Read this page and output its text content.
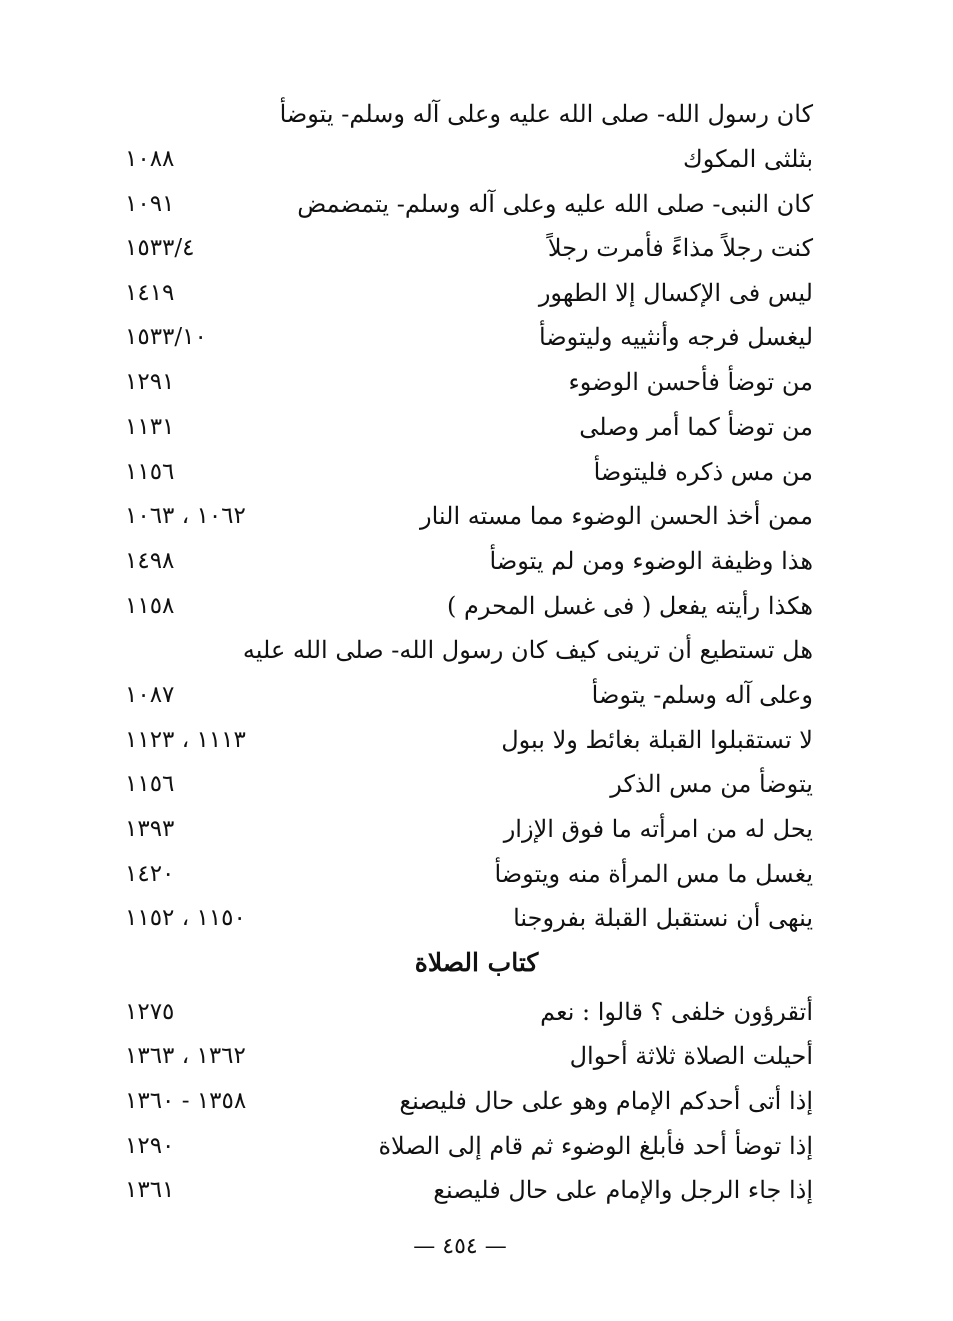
كان رسول الله- صلى الله عليه وعلى آله وسلم- يتوضأ
بثلثى المكوك
١٠٨٨
كان النبى- صلى الله عليه وعلى آله وسلم- يتمضمض
١٠٩١
كنت رجلاً مذاءً فأمرت رجلاً
١٥٣٣/٤
ليس فى الإكسال إلا الطهور
١٤١٩
ليغسل فرجه وأنثييه وليتوضأ
١٥٣٣/١٠
من توضأ فأحسن الوضوء
١٢٩١
من توضأ كما أمر وصلى
١١٣١
من مس ذكره فليتوضأ
١١٥٦
ممن أخذ الحسن الوضوء مما مسته النار
١٠٦٢ ، ١٠٦٣
هذا وظيفة الوضوء ومن لم يتوضأ
١٤٩٨
هكذا رأيته يفعل ( فى غسل المحرم )
١١٥٨
هل تستطيع أن ترينى كيف كان رسول الله- صلى الله عليه
وعلى آله وسلم- يتوضأ
١٠٨٧
لا تستقبلوا القبلة بغائط ولا ببول
١١١٣ ، ١١٢٣
يتوضأ من مس الذكر
١١٥٦
يحل له من امرأته ما فوق الإزار
١٣٩٣
يغسل ما مس المرأة منه ويتوضأ
١٤٢٠
ينهى أن نستقبل القبلة بفروجنا
١١٥٠ ، ١١٥٢
كتاب الصلاة
أتقرؤون خلفى ؟ قالوا : نعم
١٢٧٥
أحيلت الصلاة ثلاثة أحوال
١٣٦٢ ، ١٣٦٣
إذا أتى أحدكم الإمام وهو على حال فليصنع
١٣٥٨ - ١٣٦٠
إذا توضأ أحد فأبلغ الوضوء ثم قام إلى الصلاة
١٢٩٠
إذا جاء الرجل والإمام على حال فليصنع
١٣٦١
— ٤٥٤ —
